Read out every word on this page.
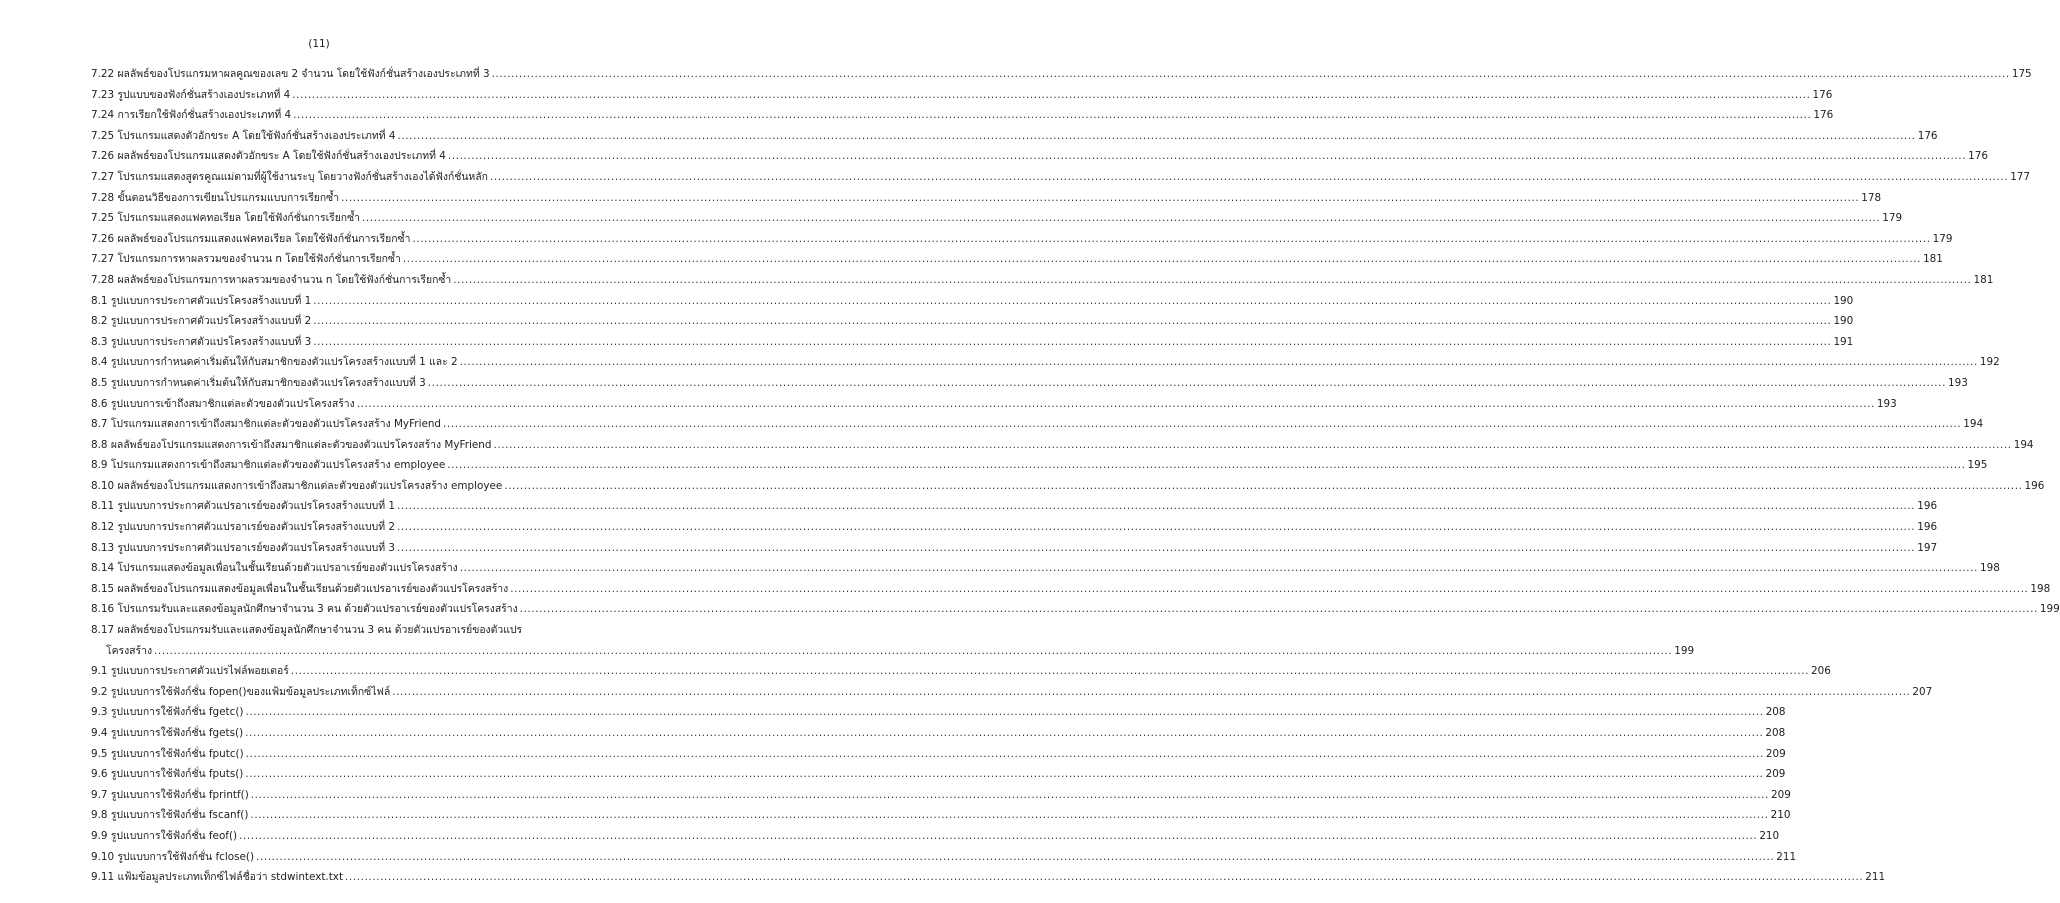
(11)
7.22 ผลลัพธ์ของโปรแกรมหาผลคูณของเลข 2 จำนวน โดยใช้ฟังก์ชั่นสร้างเองประเภทที่ 3 .....	175
7.23 รูปแบบของฟังก์ชั่นสร้างเองประเภทที่ 4 .....	176
7.24 การเรียกใช้ฟังก์ชั่นสร้างเองประเภทที่ 4 .....	176
7.25 โปรแกรมแสดงตัวอักขระ A โดยใช้ฟังก์ชั่นสร้างเองประเภทที่ 4 .....	176
7.26 ผลลัพธ์ของโปรแกรมแสดงตัวอักขระ A โดยใช้ฟังก์ชั่นสร้างเองประเภทที่ 4 .....	176
7.27 โปรแกรมแสดงสูตรคูณแม่ตามที่ผู้ใช้งานระบุ โดยวางฟังก์ชั่นสร้างเองได้ฟังก์ชั่นหลัก .....	177
7.28 ขั้นตอนวิธีของการเขียนโปรแกรมแบบการเรียกซ้ำ .....	178
7.25 โปรแกรมแสดงแฟคทอเรียล โดยใช้ฟังก์ชั่นการเรียกซ้ำ .....	179
7.26 ผลลัพธ์ของโปรแกรมแสดงแฟคทอเรียล โดยใช้ฟังก์ชั่นการเรียกซ้ำ .....	179
7.27 โปรแกรมการหาผลรวมของจำนวน n โดยใช้ฟังก์ชั่นการเรียกซ้ำ .....	181
7.28 ผลลัพธ์ของโปรแกรมการหาผลรวมของจำนวน n โดยใช้ฟังก์ชั่นการเรียกซ้ำ .....	181
8.1 รูปแบบการประกาศตัวแปรโครงสร้างแบบที่ 1 .....	190
8.2 รูปแบบการประกาศตัวแปรโครงสร้างแบบที่ 2 .....	190
8.3 รูปแบบการประกาศตัวแปรโครงสร้างแบบที่ 3 .....	191
8.4 รูปแบบการกำหนดค่าเริ่มต้นให้กับสมาชิกของตัวแปรโครงสร้างแบบที่ 1 และ 2 .....	192
8.5 รูปแบบการกำหนดค่าเริ่มต้นให้กับสมาชิกของตัวแปรโครงสร้างแบบที่ 3 .....	193
8.6 รูปแบบการเข้าถึงสมาชิกแต่ละตัวของตัวแปรโครงสร้าง .....	193
8.7 โปรแกรมแสดงการเข้าถึงสมาชิกแต่ละตัวของตัวแปรโครงสร้าง MyFriend .....	194
8.8 ผลลัพธ์ของโปรแกรมแสดงการเข้าถึงสมาชิกแต่ละตัวของตัวแปรโครงสร้าง MyFriend .....	194
8.9 โปรแกรมแสดงการเข้าถึงสมาชิกแต่ละตัวของตัวแปรโครงสร้าง employee .....	195
8.10 ผลลัพธ์ของโปรแกรมแสดงการเข้าถึงสมาชิกแต่ละตัวของตัวแปรโครงสร้าง employee .....	196
8.11 รูปแบบการประกาศตัวแปรอาเรย์ของตัวแปรโครงสร้างแบบที่ 1 .....	196
8.12 รูปแบบการประกาศตัวแปรอาเรย์ของตัวแปรโครงสร้างแบบที่ 2 .....	196
8.13 รูปแบบการประกาศตัวแปรอาเรย์ของตัวแปรโครงสร้างแบบที่ 3 .....	197
8.14 โปรแกรมแสดงข้อมูลเพื่อนในชั้นเรียนด้วยตัวแปรอาเรย์ของตัวแปรโครงสร้าง .....	198
8.15 ผลลัพธ์ของโปรแกรมแสดงข้อมูลเพื่อนในชั้นเรียนด้วยตัวแปรอาเรย์ของตัวแปรโครงสร้าง .....	198
8.16 โปรแกรมรับและแสดงข้อมูลนักศึกษาจำนวน 3 คน ด้วยตัวแปรอาเรย์ของตัวแปรโครงสร้าง .....	199
8.17 ผลลัพธ์ของโปรแกรมรับและแสดงข้อมูลนักศึกษาจำนวน 3 คน ด้วยตัวแปรอาเรย์ของตัวแปร
โครงสร้าง .....	199
9.1 รูปแบบการประกาศตัวแปรไฟล์พอยเตอร์ .....	206
9.2 รูปแบบการใช้ฟังก์ชั่น fopen()ของแฟ้มข้อมูลประเภทเท็กซ์ไฟล์ .....	207
9.3 รูปแบบการใช้ฟังก์ชั่น fgetc() .....	208
9.4 รูปแบบการใช้ฟังก์ชั่น fgets() .....	208
9.5 รูปแบบการใช้ฟังก์ชั่น fputc() .....	209
9.6 รูปแบบการใช้ฟังก์ชั่น fputs() .....	209
9.7 รูปแบบการใช้ฟังก์ชั่น fprintf() .....	209
9.8 รูปแบบการใช้ฟังก์ชั่น fscanf() .....	210
9.9 รูปแบบการใช้ฟังก์ชั่น feof() .....	210
9.10 รูปแบบการใช้ฟังก์ชั่น fclose() .....	211
9.11 แฟ้มข้อมูลประเภทเท็กซ์ไฟล์ชื่อว่า stdwintext.txt .....	211
